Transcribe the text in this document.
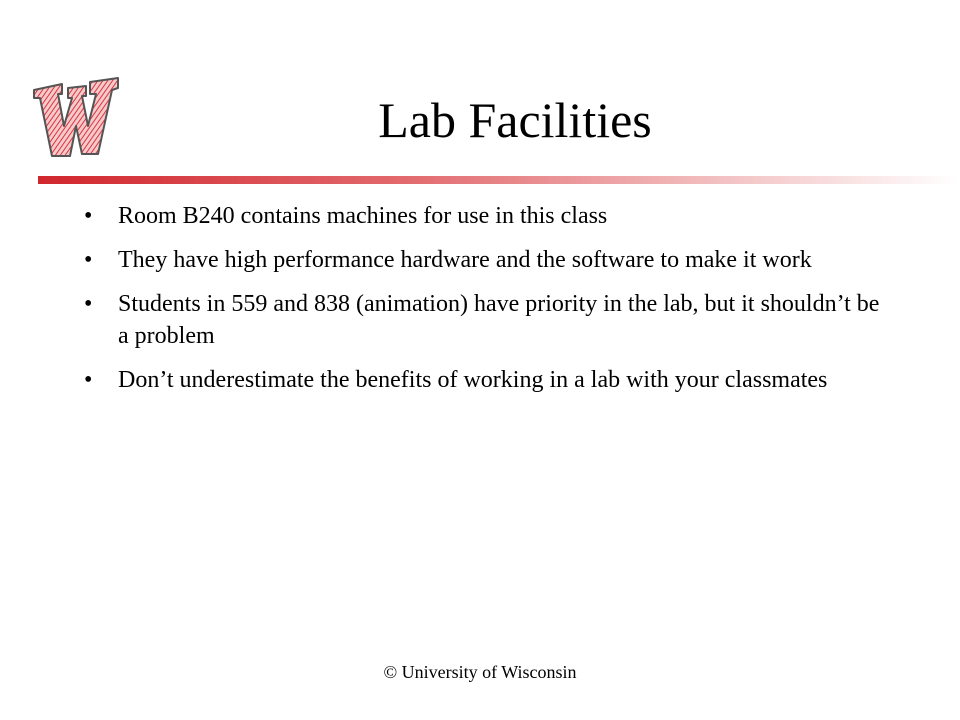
Lab Facilities
• Room B240 contains machines for use in this class
• They have high performance hardware and the software to make it work
• Students in 559 and 838 (animation) have priority in the lab, but it shouldn’t be a problem
• Don’t underestimate the benefits of working in a lab with your classmates
© University of Wisconsin
